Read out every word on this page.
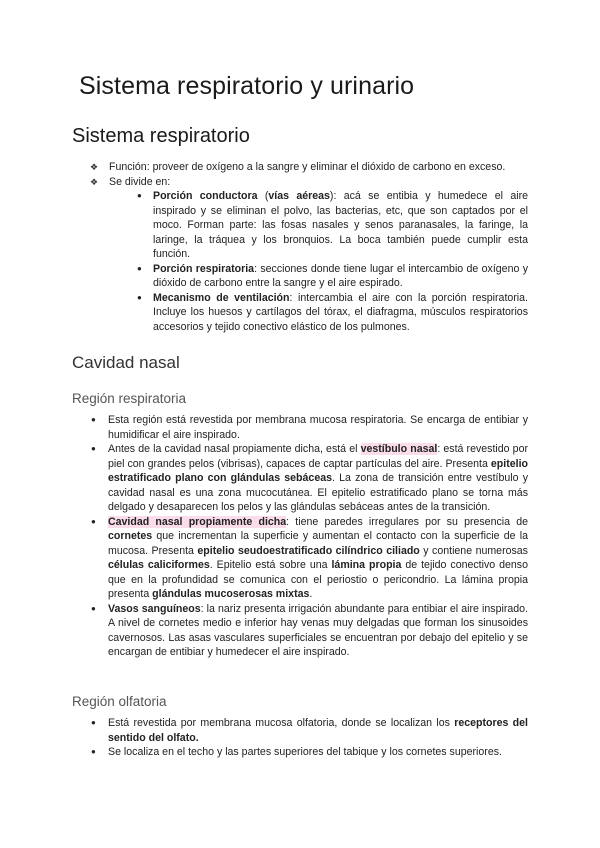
Sistema respiratorio y urinario
Sistema respiratorio
❖ Función: proveer de oxígeno a la sangre y eliminar el dióxido de carbono en exceso.
❖ Se divide en:
● Porción conductora (vías aéreas): acá se entibia y humedece el aire inspirado y se eliminan el polvo, las bacterias, etc, que son captados por el moco. Forman parte: las fosas nasales y senos paranasales, la faringe, la laringe, la tráquea y los bronquios. La boca también puede cumplir esta función.
● Porción respiratoria: secciones donde tiene lugar el intercambio de oxígeno y dióxido de carbono entre la sangre y el aire espirado.
● Mecanismo de ventilación: intercambia el aire con la porción respiratoria. Incluye los huesos y cartílagos del tórax, el diafragma, músculos respiratorios accesorios y tejido conectivo elástico de los pulmones.
Cavidad nasal
Región respiratoria
● Esta región está revestida por membrana mucosa respiratoria. Se encarga de entibiar y humidificar el aire inspirado.
● Antes de la cavidad nasal propiamente dicha, está el vestíbulo nasal: está revestido por piel con grandes pelos (vibrisas), capaces de captar partículas del aire. Presenta epitelio estratificado plano con glándulas sebáceas. La zona de transición entre vestíbulo y cavidad nasal es una zona mucocutánea. El epitelio estratificado plano se torna más delgado y desaparecen los pelos y las glándulas sebáceas antes de la transición.
● Cavidad nasal propiamente dicha: tiene paredes irregulares por su presencia de cornetes que incrementan la superficie y aumentan el contacto con la superficie de la mucosa. Presenta epitelio seudoestratificado cilíndrico ciliado y contiene numerosas células caliciformes. Epitelio está sobre una lámina propia de tejido conectivo denso que en la profundidad se comunica con el periostio o pericondrio. La lámina propia presenta glándulas mucoserosas mixtas.
● Vasos sanguíneos: la nariz presenta irrigación abundante para entibiar el aire inspirado. A nivel de cornetes medio e inferior hay venas muy delgadas que forman los sinusoides cavernosos. Las asas vasculares superficiales se encuentran por debajo del epitelio y se encargan de entibiar y humedecer el aire inspirado.
Región olfatoria
● Está revestida por membrana mucosa olfatoria, donde se localizan los receptores del sentido del olfato.
● Se localiza en el techo y las partes superiores del tabique y los cornetes superiores.
